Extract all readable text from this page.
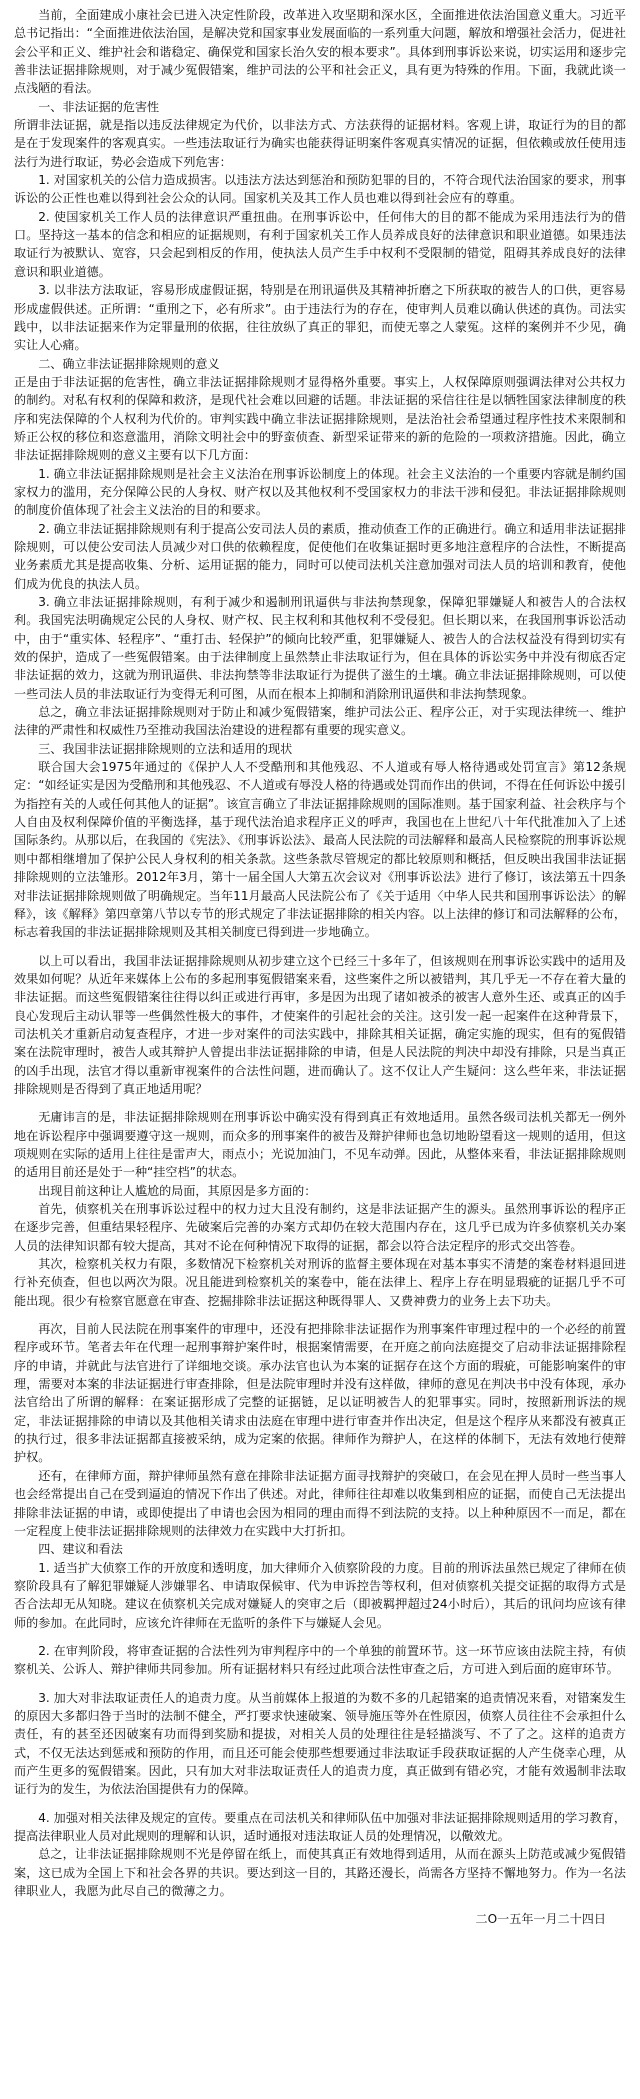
当前，全面建成小康社会已进入决定性阶段，改革进入攻坚期和深水区，全面推进依法治国意义重大。习近平总书记指出：“全面推进依法治国，是解决党和国家事业发展面临的一系列重大问题，解放和增强社会活力，促进社会公平和正义、维护社会和谐稳定、确保党和国家长治久安的根本要求”。具体到刑事诉讼来说，切实运用和逐步完善非法证据排除规则，对于减少冤假错案，维护司法的公平和社会正义，具有更为特殊的作用。下面，我就此谈一点浅陋的看法。

一、非法证据的危害性

所谓非法证据，就是指以违反法律规定为代价，以非法方式、方法获得的证据材料。客观上讲，取证行为的目的都是在于发现案件的客观真实。一些违法取证行为确实也能获得证明案件客观真实情况的证据，但依赖或放任使用违法行为进行取证，势必会造成下列危害：

1. 对国家机关的公信力造成损害。以违法方法达到惩治和预防犯罪的目的，不符合现代法治国家的要求，刑事诉讼的公正性也难以得到社会公众的认同。国家机关及其工作人员也难以得到社会应有的尊重。

2. 使国家机关工作人员的法律意识严重扭曲。在刑事诉讼中，任何伟大的目的都不能成为采用违法行为的借口。坚持这一基本的信念和相应的证据规则，有利于国家机关工作人员养成良好的法律意识和职业道德。如果违法取证行为被默认、宽容，只会起到相反的作用，使执法人员产生手中权利不受限制的错觉，阻碍其养成良好的法律意识和职业道德。

3. 以非法方法取证，容易形成虚假证据，特别是在刑讯逼供及其精神折磨之下所获取的被告人的口供，更容易形成虚假供述。正所谓：“重刑之下，必有所求”。由于违法行为的存在，使审判人员难以确认供述的真伪。司法实践中，以非法证据来作为定罪量刑的依据，往往放纵了真正的罪犯，而使无辜之人蒙冤。这样的案例并不少见，确实让人心痛。

二、确立非法证据排除规则的意义

正是由于非法证据的危害性，确立非法证据排除规则才显得格外重要。事实上，人权保障原则强调法律对公共权力的制约。对私有权利的保障和救济，是现代社会难以回避的话题。非法证据的采信往往是以牺牲国家法律制度的秩序和宪法保障的个人权利为代价的。审判实践中确立非法证据排除规则，是法治社会希望通过程序性技术来限制和矫正公权的移位和恣意滥用，消除文明社会中的野蛮侦查、新型采证带来的新的危险的一项救济措施。因此，确立非法证据排除规则的意义主要有以下几方面：

1. 确立非法证据排除规则是社会主义法治在刑事诉讼制度上的体现。社会主义法治的一个重要内容就是制约国家权力的滥用，充分保障公民的人身权、财产权以及其他权利不受国家权力的非法干涉和侵犯。非法证据排除规则的制度价值体现了社会主义法治的目的和要求。

2. 确立非法证据排除规则有利于提高公安司法人员的素质，推动侦查工作的正确进行。确立和适用非法证据排除规则，可以使公安司法人员减少对口供的依赖程度，促使他们在收集证据时更多地注意程序的合法性，不断提高业务素质尤其是提高收集、分析、运用证据的能力，同时可以使司法机关注意加强对司法人员的培训和教育，使他们成为优良的执法人员。

3. 确立非法证据排除规则，有利于减少和遏制刑讯逼供与非法拘禁现象，保障犯罪嫌疑人和被告人的合法权利。我国宪法明确规定公民的人身权、财产权、民主权利和其他权利不受侵犯。但长期以来，在我国刑事诉讼活动中，由于“重实体、轻程序”、“重打击、轻保护”的倾向比较严重，犯罪嫌疑人、被告人的合法权益没有得到切实有效的保护，造成了一些冤假错案。由于法律制度上虽然禁止非法取证行为，但在具体的诉讼实务中并没有彻底否定非法证据的效力，这就为刑讯逼供、非法拘禁等非法取证行为提供了滋生的土壤。确立非法证据排除规则，可以使一些司法人员的非法取证行为变得无利可图，从而在根本上抑制和消除刑讯逼供和非法拘禁现象。

总之，确立非法证据排除规则对于防止和减少冤假错案，维护司法公正、程序公正，对于实现法律统一、维护法律的严肃性和权威性乃至推动我国法治建设的进程都有重要的现实意义。

三、我国非法证据排除规则的立法和适用的现状

联合国大会1975年通过的《保护人人不受酷刑和其他残忍、不人道或有辱人格待遇或处罚宣言》第12条规定：“如经证实是因为受酷刑和其他残忍、不人道或有辱没人格的待遇或处罚而作出的供词，不得在任何诉讼中援引为指控有关的人或任何其他人的证据”。该宣言确立了非法证据排除规则的国际准则。基于国家利益、社会秩序与个人自由及权利保障价值的平衡选择，基于现代法治追求程序正义的呼声，我国也在上世纪八十年代批准加入了上述国际条约。从那以后，在我国的《宪法》、《刑事诉讼法》、最高人民法院的司法解释和最高人民检察院的刑事诉讼规则中都相继增加了保护公民人身权利的相关条款。这些条款尽管规定的都比较原则和概括，但反映出我国非法证据排除规则的立法雏形。2012年3月，第十一届全国人大第五次会议对《刑事诉讼法》进行了修订，该法第五十四条对非法证据排除规则做了明确规定。当年11月最高人民法院公布了《关于适用〈中华人民共和国刑事诉讼法〉的解释》，该《解释》第四章第八节以专节的形式规定了非法证据排除的相关内容。以上法律的修订和司法解释的公布，标志着我国的非法证据排除规则及其相关制度已得到进一步地确立。

以上可以看出，我国非法证据排除规则从初步建立这个已经三十多年了，但该规则在刑事诉讼实践中的适用及效果如何呢？从近年来媒体上公布的多起刑事冤假错案来看，这些案件之所以被错判，其几乎无一不存在着大量的非法证据。而这些冤假错案往往得以纠正或进行再审，多是因为出现了诸如被杀的被害人意外生还、或真正的凶手良心发现后主动认罪等一些偶然性极大的事件，才使案件的引起社会的关注。这引发一起一起案件在这种背景下，司法机关才重新启动复查程序，才进一步对案件的司法实践中，排除其相关证据，确定实施的现实，但有的冤假错案在法院审理时，被告人或其辩护人曾提出非法证据排除的申请，但是人民法院的判决中却没有排除，只是当真正的凶手出现，法官才得以重新审视案件的合法性问题，进而确认了。这不仅让人产生疑问：这么些年来，非法证据排除规则是否得到了真正地适用呢？

无庸讳言的是，非法证据排除规则在刑事诉讼中确实没有得到真正有效地适用。虽然各级司法机关都无一例外地在诉讼程序中强调要遵守这一规则，而众多的刑事案件的被告及辩护律师也急切地盼望看这一规则的适用，但这项规则在实际的适用上往往是雷声大，雨点小；光说加油门，不见车动弹。因此，从整体来看，非法证据排除规则的适用目前还是处于一种“挂空档”的状态。

出现目前这种让人尴尬的局面，其原因是多方面的：

首先，侦察机关在刑事诉讼过程中的权力过大且没有制约，这是非法证据产生的源头。虽然刑事诉讼的程序正在逐步完善，但重结果轻程序、先破案后完善的办案方式却仍在较大范围内存在，这几乎已成为许多侦察机关办案人员的法律知识都有较大提高，其对不论在何种情况下取得的证据，都会以符合法定程序的形式交出答卷。

其次，检察机关权力有限，多数情况下检察机关对刑诉的监督主要体现在对基本事实不清楚的案卷材料退回进行补充侦查，但也以两次为限。况且能进到检察机关的案卷中，能在法律上、程序上存在明显瑕疵的证据几乎不可能出现。很少有检察官愿意在审查、挖掘排除非法证据这种既得罪人、又费神费力的业务上去下功夫。

再次，目前人民法院在刑事案件的审理中，还没有把排除非法证据作为刑事案件审理过程中的一个必经的前置程序或环节。笔者去年在代理一起刑事辩护案件时，根据案情需要，在开庭之前向法庭提交了启动非法证据排除程序的申请，并就此与法官进行了详细地交谈。承办法官也认为本案的证据存在这个方面的瑕疵，可能影响案件的审理，需要对本案的非法证据进行审查排除，但是法院审理时并没有这样做，律师的意见在判决书中没有体现，承办法官给出了所谓的解释：在案证据形成了完整的证据链，足以证明被告人的犯罪事实。同时，按照新刑诉法的规定，非法证据排除的申请以及其他相关请求由法庭在审理中进行审查并作出决定，但是这个程序从来都没有被真正的执行过，很多非法证据都直接被采纳，成为定案的依据。律师作为辩护人，在这样的体制下，无法有效地行使辩护权。

还有，在律师方面，辩护律师虽然有意在排除非法证据方面寻找辩护的突破口，在会见在押人员时一些当事人也会经常提出自己在受到逼迫的情况下作出了供述。对此，律师往往却难以收集到相应的证据，而使自己无法提出排除非法证据的申请，或即使提出了申请也会因为相同的理由而得不到法院的支持。以上种种原因不一而足，都在一定程度上使非法证据排除规则的法律效力在实践中大打折扣。

四、建议和看法

1. 适当扩大侦察工作的开放度和透明度，加大律师介入侦察阶段的力度。目前的刑诉法虽然已规定了律师在侦察阶段具有了解犯罪嫌疑人涉嫌罪名、申请取保候审、代为申诉控告等权利，但对侦察机关提交证据的取得方式是否合法却无从知晓。建议在侦察机关完成对嫌疑人的突审之后（即被羁押超过24小时后），其后的讯问均应该有律师的参加。在此同时，应该允许律师在无监听的条件下与嫌疑人会见。

2. 在审判阶段，将审查证据的合法性列为审判程序中的一个单独的前置环节。这一环节应该由法院主持，有侦察机关、公诉人、辩护律师共同参加。所有证据材料只有经过此项合法性审查之后，方可进入到后面的庭审环节。

3. 加大对非法取证责任人的追责力度。从当前媒体上报道的为数不多的几起错案的追责情况来看，对错案发生的原因大多都归咎于当时的法制不健全，严打要求快速破案、领导施压等外在性原因，侦察人员往往不会承担什么责任，有的甚至还因破案有功而得到奖励和提拔，对相关人员的处理往往是轻描淡写、不了了之。这样的追责方式，不仅无法达到惩戒和预防的作用，而且还可能会使那些想要通过非法取证手段获取证据的人产生侥幸心理，从而产生更多的冤假错案。因此，只有加大对非法取证责任人的追责力度，真正做到有错必究，才能有效遏制非法取证行为的发生，为依法治国提供有力的保障。

4. 加强对相关法律及规定的宣传。要重点在司法机关和律师队伍中加强对非法证据排除规则适用的学习教育，提高法律职业人员对此规则的理解和认识，适时通报对违法取证人员的处理情况，以儆效尤。

总之，让非法证据排除规则不光是停留在纸上，而使其真正有效地得到适用，从而在源头上防范或减少冤假错案，这已成为全国上下和社会各界的共识。要达到这一目的，其路还漫长，尚需各方坚持不懈地努力。作为一名法律职业人，我愿为此尽自己的微薄之力。

二O一五年一月二十四日
